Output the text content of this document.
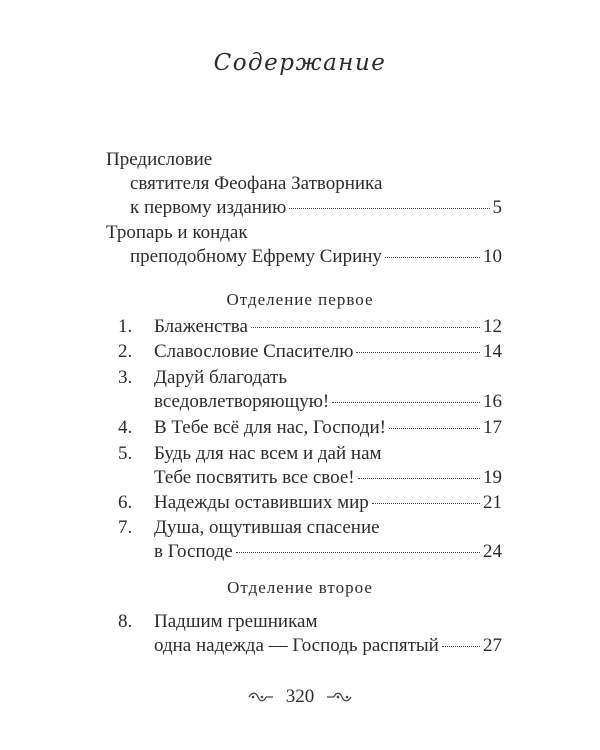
Содержание
Предисловие
святителя Феофана Затворника
к первому изданию	5
Тропарь и кондак
преподобному Ефрему Сирину	10
Отделение первое
1. Блаженства	12
2. Славословие Спасителю	14
3. Даруй благодать
вседовлетворяющую!	16
4. В Тебе всё для нас, Господи!	17
5. Будь для нас всем и дай нам
Тебе посвятить все свое!	19
6. Надежды оставивших мир	21
7. Душа, ощутившая спасение
в Господе	24
Отделение второе
8. Падшим грешникам
одна надежда — Господь распятый 27
320
